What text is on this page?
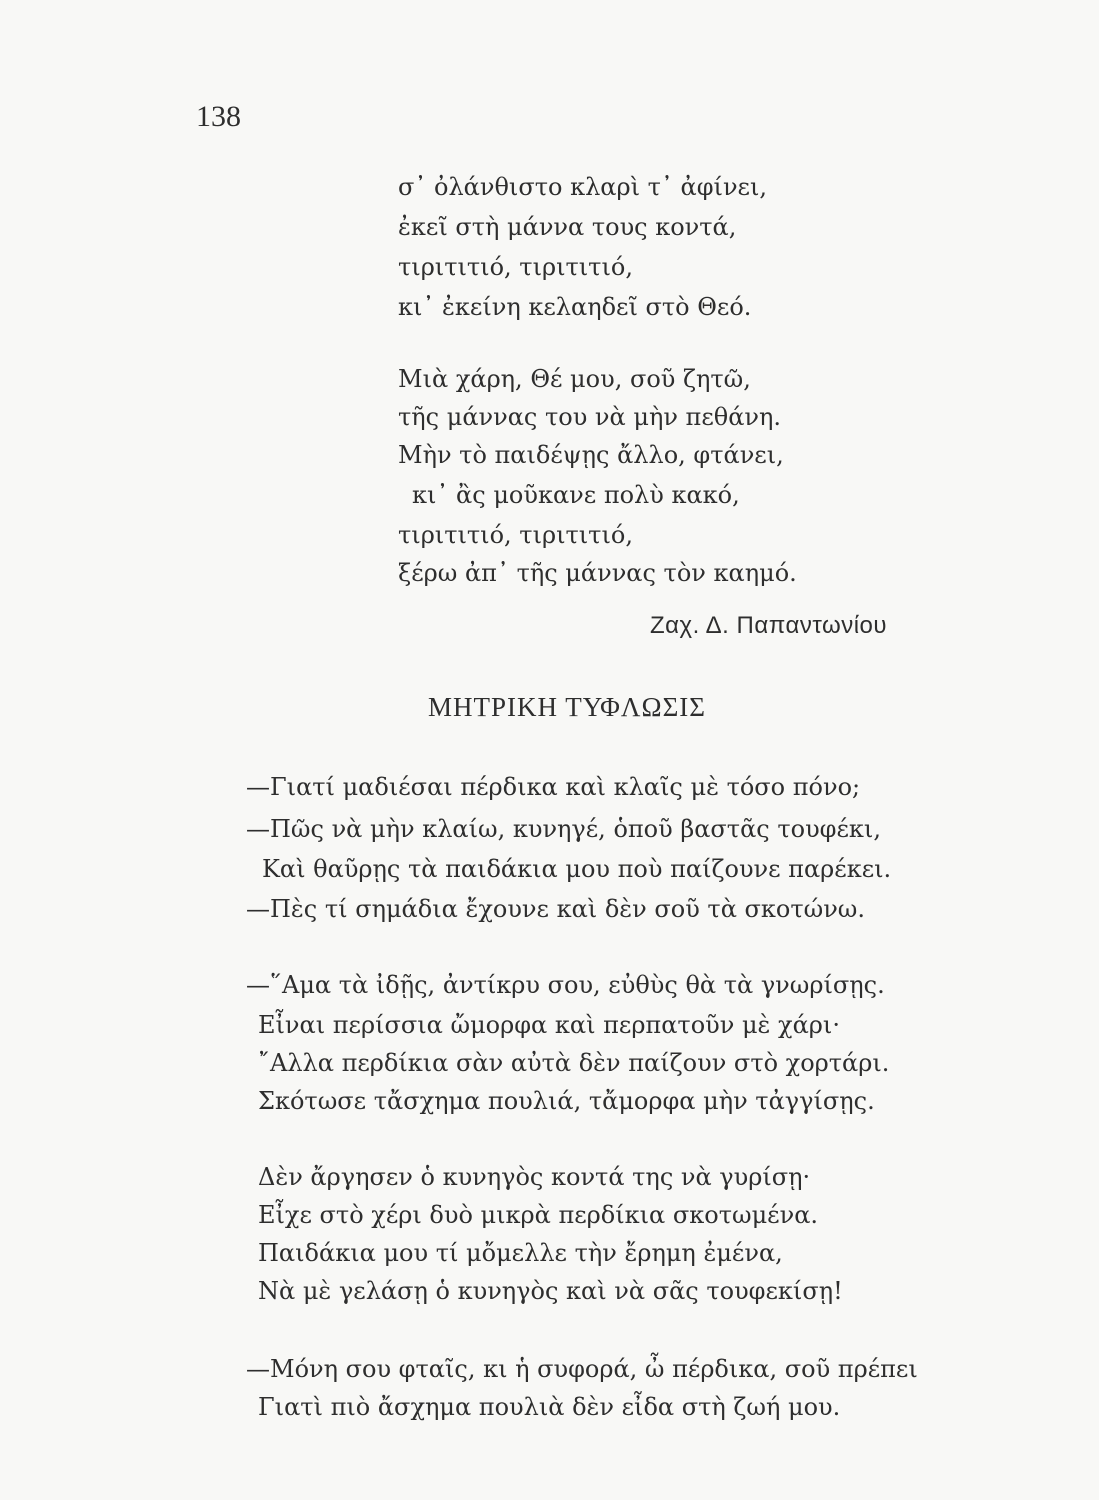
138
σ᾿ ὀλάνθιστο κλαρὶ τ᾿ ἀφίνει,
ἐκεῖ στὴ μάννα τους κοντά,
τιριτιτιό, τιριτιτιό,
κι᾿ ἐκείνη κελαηδεῖ στὸ Θεό.
Μιὰ χάρη, Θέ μου, σοῦ ζητῶ,
τῆς μάννας του νὰ μὴν πεθάνη.
Μὴν τὸ παιδέψῃς ἄλλο, φτάνει,
κι᾿ ἂς μοῦκανε πολὺ κακό,
τιριτιτιό, τιριτιτιό,
ξέρω ἀπ᾿ τῆς μάννας τὸν καημό.
Ζαχ. Δ. Παπαντωνίου
ΜΗΤΡΙΚΗ ΤΥΦΛΩΣΙΣ
—Γιατί μαδιέσαι πέρδικα καὶ κλαῖς μὲ τόσο πόνο;
—Πῶς νὰ μὴν κλαίω, κυνηγέ, ὁποῦ βαστᾶς τουφέκι,
Καὶ θαῦρῃς τὰ παιδάκια μου ποὺ παίζουνε παρέκει.
—Πὲς τί σημάδια ἔχουνε καὶ δὲν σοῦ τὰ σκοτώνω.
—῞Αμα τὰ ἰδῇς, ἀντίκρυ σου, εὐθὺς θὰ τὰ γνωρίσῃς.
Εἶναι περίσσια ὤμορφα καὶ περπατοῦν μὲ χάρι·
῎Αλλα περδίκια σὰν αὐτὰ δὲν παίζουν στὸ χορτάρι.
Σκότωσε τἄσχημα πουλιά, τἄμορφα μὴν τἀγγίσῃς.
Δὲν ἄργησεν ὁ κυνηγὸς κοντά της νὰ γυρίσῃ·
Εἶχε στὸ χέρι δυὸ μικρὰ περδίκια σκοτωμένα.
Παιδάκια μου τί μὄμελλε τὴν ἔρημη ἐμένα,
Νὰ μὲ γελάσῃ ὁ κυνηγὸς καὶ νὰ σᾶς τουφεκίσῃ!
—Μόνη σου φταῖς, κι ἡ συφορά, ὦ πέρδικα, σοῦ πρέπει
Γιατὶ πιὸ ἄσχημα πουλιὰ δὲν εἶδα στὴ ζωή μου.
